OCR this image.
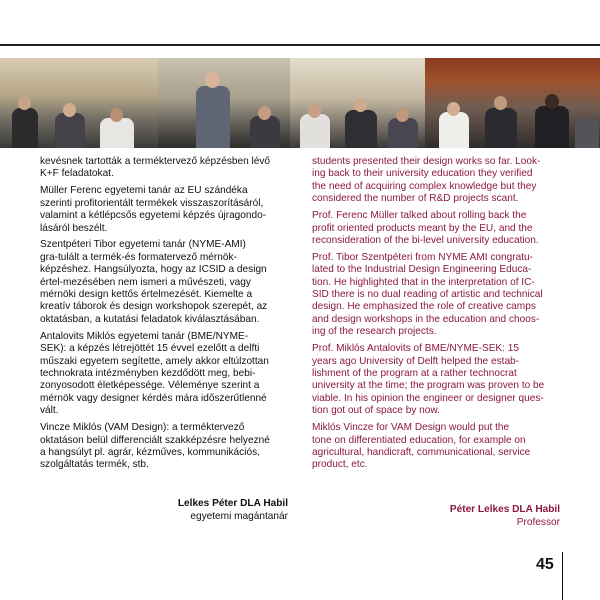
kevésnek tartották a terméktervező képzésben lévő
K+F feladatokat.

Müller Ferenc egyetemi tanár az EU szándéka
szerinti profitorientált termékek visszaszorításáról,
valamint a kétlépcsős egyetemi képzés újragondo-
lásáról beszélt.

Szentpéteri Tibor egyetemi tanár (NYME-AMI)
gra-tulált a termék-és formatervező mérnök-
képzéshez. Hangsúlyozta, hogy az ICSID a design
értel-mezésében nem ismeri a művészeti, vagy
mérnöki design kettős értelmezését. Kiemelte a
kreatív táborok és design workshopok szerepét, az
oktatásban, a kutatási feladatok kiválasztásában.

Antalovits Miklós egyetemi tanár (BME/NYME-
SEK): a képzés létrejöttét 15 évvel ezelőtt a delfti
műszaki egyetem segítette, amely akkor eltúlzottan
technokrata intézményben kezdődött meg, bebi-
zonyosodott életképessége. Véleménye szerint a
mérnök vagy designer kérdés mára időszerűtlenné
vált.

Vincze Miklós (VAM Design): a terméktervező
oktatáson belül differenciált szakképzésre helyezné
a hangsúlyt pl. agrár, kézműves, kommunikációs,
szolgáltatás termék, stb.

students presented their design works so far. Look-
ing back to their university education they verified
the need of acquiring complex knowledge but they
considered the number of R&D projects scant.

Prof. Ferenc Müller talked about rolling back the
profit oriented products meant by the EU, and the
reconsideration of the bi-level university education.

Prof. Tibor Szentpéteri from NYME AMI congratu-
lated to the Industrial Design Engineering Educa-
tion. He highlighted that in the interpretation of IC-
SID there is no dual reading of artistic and technical
design. He emphasized the role of creative camps
and design workshops in the education and choos-
ing of the research projects.

Prof. Miklós Antalovits of BME/NYME-SEK: 15
years ago University of Delft helped the estab-
lishment of the program at a rather technocrat
university at the time; the program was proven to be
viable. In his opinion the engineer or designer ques-
tion got out of space by now.

Miklós Vincze for VAM Design would put the
tone on differentiated education, for example on
agricultural, handicraft, communicational, service
product, etc.

Lelkes Péter DLA Habil
egyetemi magántanár
Péter Lelkes DLA Habil
Professor
45
